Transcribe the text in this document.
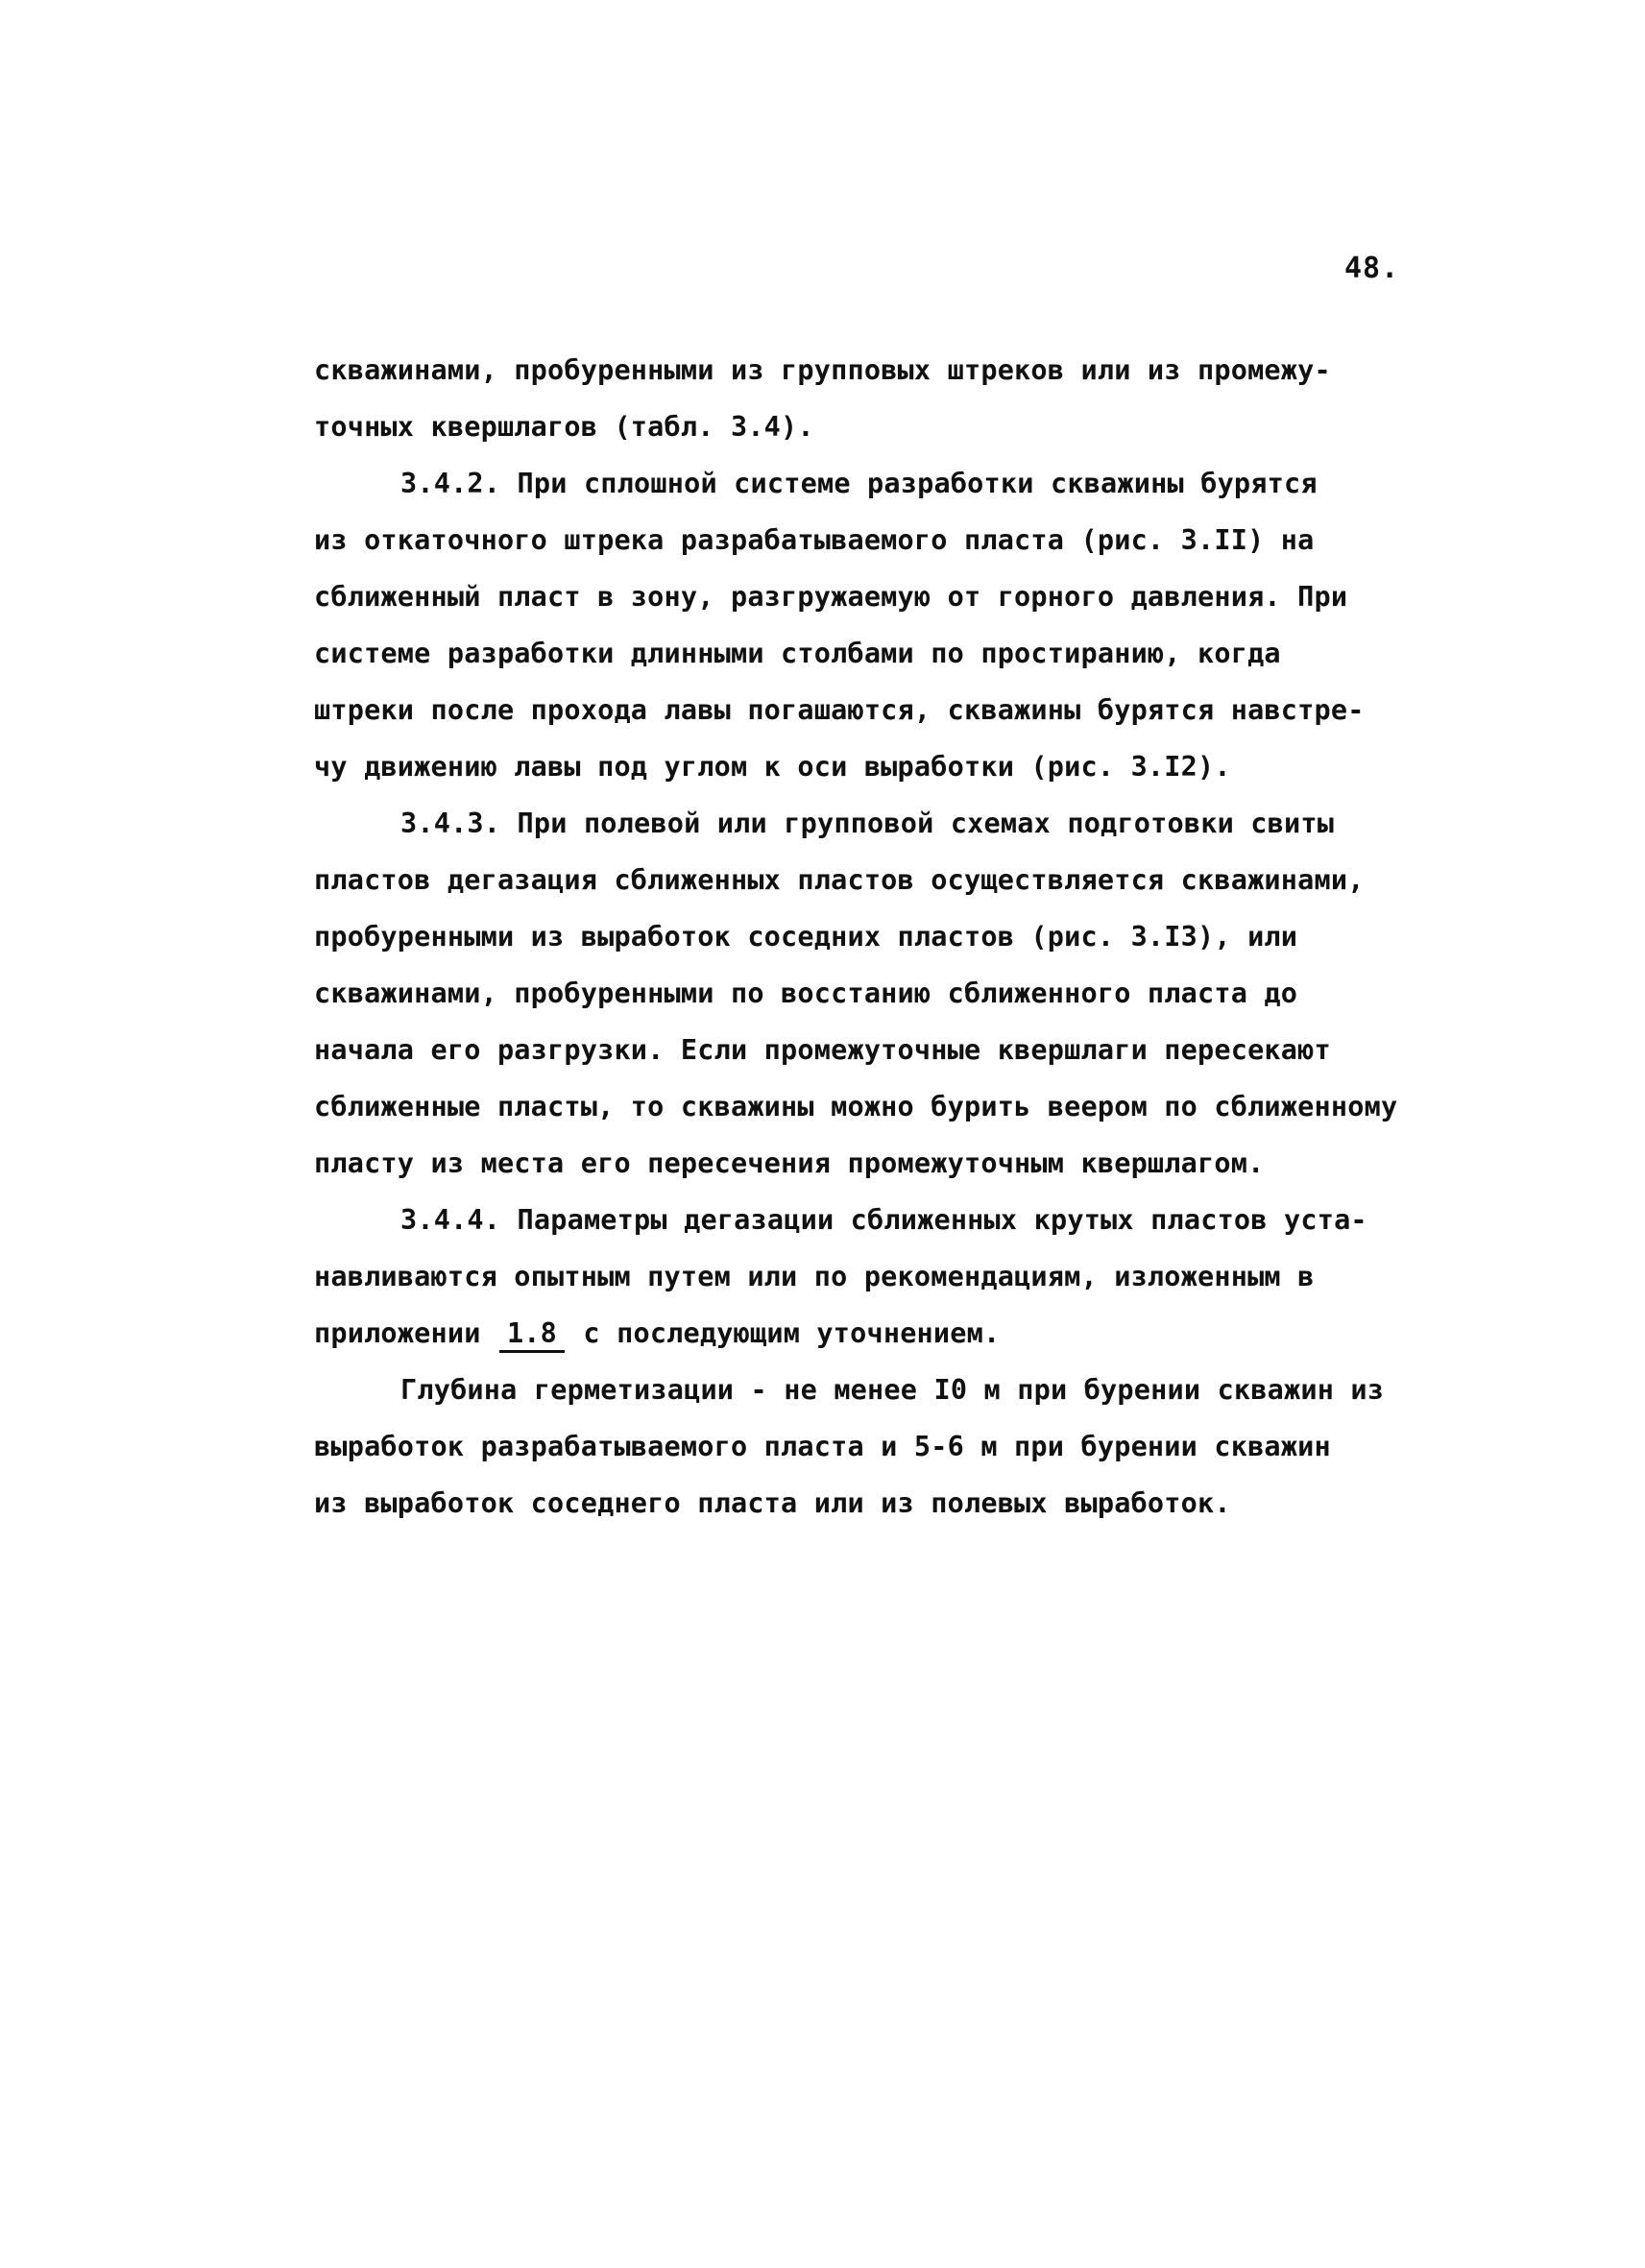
48.
скважинами, пробуренными из групповых штреков или из промежу-
точных квершлагов (табл. 3.4).
3.4.2. При сплошной системе разработки скважины бурятся
из откаточного штрека разрабатываемого пласта (рис. 3.II) на
сближенный пласт в зону, разгружаемую от горного давления. При
системе разработки длинными столбами по простиранию, когда
штреки после прохода лавы погашаются, скважины бурятся навстре-
чу движению лавы под углом к оси выработки (рис. 3.I2).
3.4.3. При полевой или групповой схемах подготовки свиты
пластов дегазация сближенных пластов осуществляется скважинами,
пробуренными из выработок соседних пластов (рис. 3.I3), или
скважинами, пробуренными по восстанию сближенного пласта до
начала его разгрузки. Если промежуточные квершлаги пересекают
сближенные пласты, то скважины можно бурить веером по сближенному
пласту из места его пересечения промежуточным квершлагом.
3.4.4. Параметры дегазации сближенных крутых пластов уста-
навливаются опытным путем или по рекомендациям, изложенным в
приложении 1.8 с последующим уточнением.
Глубина герметизации - не менее I0 м при бурении скважин из
выработок разрабатываемого пласта и 5-6 м при бурении скважин
из выработок соседнего пласта или из полевых выработок.
